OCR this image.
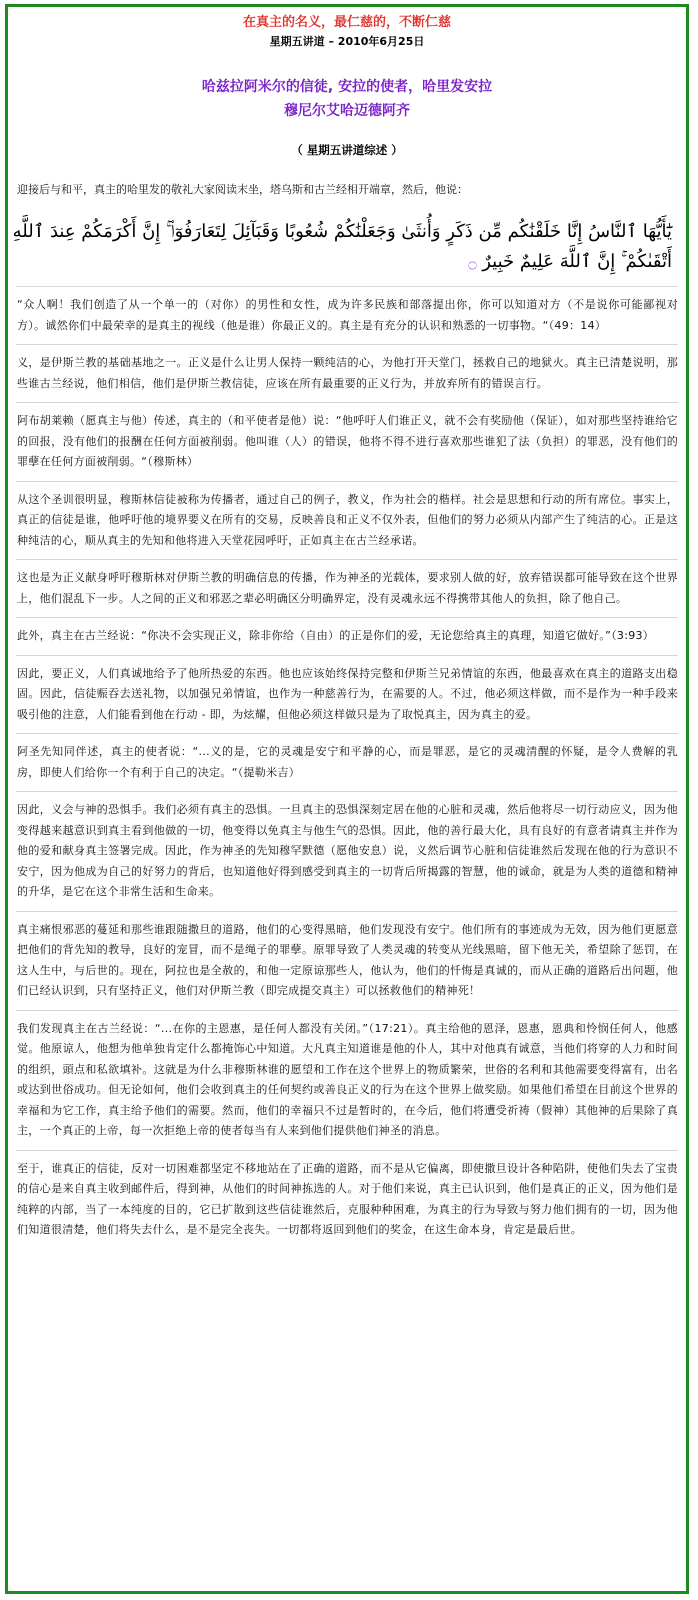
在真主的名义，最仁慈的，不断仁慈
星期五讲道 – 2010年6月25日
哈兹拉阿米尔的信徒, 安拉的使者，哈里发安拉
穆尼尔艾哈迈德阿齐
（ 星期五讲道综述 ）
迎接后与和平，真主的哈里发的敬礼大家阅读末坐，塔乌斯和古兰经相开端章，然后，他说：
يَٰٓأَيُّهَا ٱلنَّاسُ إِنَّا خَلَقْنَٰكُم مِّن ذَكَرٍ وَأُنثَىٰ وَجَعَلْنَٰكُمْ شُعُوبًا وَقَبَآئِلَ لِتَعَارَفُوٓا۟ ۚ إِنَّ أَكْرَمَكُمْ عِندَ ٱللَّهِ أَتْقَىٰكُمْ ۚ إِنَّ ٱللَّهَ عَلِيمٌ خَبِيرٌ ۝

“众人啊！我们创造了从一个单一的（对你）的男性和女性，成为许多民族和部落提出你，你可以知道对方（不是说你可能鄙视对方）。诚然你们中最荣幸的是真主的视线（他是谁）你最正义的。真主是有充分的认识和熟悉的一切事物。“（49：14）

义，是伊斯兰教的基础基地之一。正义是什么让男人保持一颗纯洁的心，为他打开天堂门，拯救自己的地狱火。真主已清楚说明，那些谁古兰经说，他们相信，他们是伊斯兰教信徒，应该在所有最重要的正义行为，并放弃所有的错误言行。

阿布胡莱赖（愿真主与他）传述，真主的（和平使者是他）说：“他呼吁人们谁正义，就不会有奖励他（保证），如对那些坚持谁给它的回报，没有他们的报酬在任何方面被削弱。他叫谁（人）的错误，他将不得不进行喜欢那些谁犯了法（负担）的罪恶，没有他们的罪孽在任何方面被削弱。“（穆斯林）

从这个圣训很明显，穆斯林信徒被称为传播者，通过自己的例子，教义，作为社会的楷样。社会是思想和行动的所有席位。事实上，真正的信徒是谁，他呼吁他的境界要义在所有的交易，反映善良和正义不仅外表，但他们的努力必须从内部产生了纯洁的心。正是这种纯洁的心，顺从真主的先知和他将进入天堂花园呼吁，正如真主在古兰经承诺。

这也是为正义献身呼吁穆斯林对伊斯兰教的明确信息的传播，作为神圣的光载体，要求别人做的好，放弃错误都可能导致在这个世界上，他们混乱下一步。人之间的正义和邪恶之辈必明确区分明确界定，没有灵魂永远不得携带其他人的负担，除了他自己。

此外，真主在古兰经说：“你决不会实现正义，除非你给（自由）的正是你们的爱，无论您给真主的真理，知道它做好。”（3:93）

因此，要正义，人们真诚地给予了他所热爱的东西。他也应该始终保持完整和伊斯兰兄弟情谊的东西，他最喜欢在真主的道路支出稳固。因此，信徒赈吞去送礼物，以加强兄弟情谊，也作为一种慈善行为，在需要的人。不过，他必须这样做，而不是作为一种手段来吸引他的注意，人们能看到他在行动 - 即，为炫耀，但他必须这样做只是为了取悦真主，因为真主的爱。

阿圣先知同伴述，真主的使者说：“...义的是，它的灵魂是安宁和平静的心，而是罪恶，是它的灵魂清醒的怀疑，是令人费解的乳房，即使人们给你一个有利于自己的决定。“（提勒米吉）

因此，义会与神的恐惧手。我们必须有真主的恐惧。一旦真主的恐惧深刻定居在他的心脏和灵魂，然后他将尽一切行动应义，因为他变得越来越意识到真主看到他做的一切，他变得以免真主与他生气的恐惧。因此，他的善行最大化，具有良好的有意者请真主并作为他的爱和献身真主签署完成。因此，作为神圣的先知穆罕默德（愿他安息）说，义然后调节心脏和信徒谁然后发现在他的行为意识不安宁，因为他成为自己的好努力的背后，也知道他好得到感受到真主的一切背后所揭露的智慧，他的诚命，就是为人类的道德和精神的升华，是它在这个非常生活和生命来。

真主痛恨邪恶的蔓延和那些谁跟随撒旦的道路，他们的心变得黑暗，他们发现没有安宁。他们所有的事迹成为无效，因为他们更愿意把他们的背先知的教导，良好的宠冒，而不是绳子的罪孽。原罪导致了人类灵魂的转变从光线黑暗，留下他无关，希望除了惩罚，在这人生中，与后世的。现在，阿拉也是全赦的，和他一定原谅那些人，他认为，他们的忏悔是真诚的，而从正确的道路后出问题，他们已经认识到，只有坚持正义，他们对伊斯兰教（即完成提交真主）可以拯救他们的精神死！

我们发现真主在古兰经说：“...在你的主恩惠，是任何人都没有关闭。”（17:21）。真主给他的恩泽，恩惠，恩典和怜悯任何人，他感觉。他原谅人，他想为他单独肯定什么都掩饰心中知道。大凡真主知道谁是他的仆人，其中对他真有诚意，当他们将穿的人力和时间的组织，頭点和私欲填补。这就是为什么非穆斯林谁的愿望和工作在这个世界上的物质繁荣，世俗的名利和其他需要变得富有，出名或达到世俗成功。但无论如何，他们会收到真主的任何契约或善良正义的行为在这个世界上做奖励。如果他们希望在目前这个世界的幸福和为它工作，真主给予他们的需要。然而，他们的幸福只不过是暂时的，在今后，他们将遭受祈祷（假神）其他神的后果除了真主，一个真正的上帝，每一次拒绝上帝的使者每当有人来到他们提供他们神圣的消息。

至于，谁真正的信徒，反对一切困难都坚定不移地站在了正确的道路，而不是从它偏离，即使撒旦设计各种陷阱，使他们失去了宝贵的信心是来自真主收到邮件后，得到神，从他们的时间神拣选的人。对于他们来说，真主已认识到，他们是真正的正义，因为他们是纯粹的内部，当了一本纯度的目的，它已扩散到这些信徒谁然后，克服种种困难，为真主的行为导致与努力他们拥有的一切，因为他们知道很清楚，他们将失去什么，是不是完全丧失。一切都将返回到他们的奖金，在这生命本身，肯定是最后世。
